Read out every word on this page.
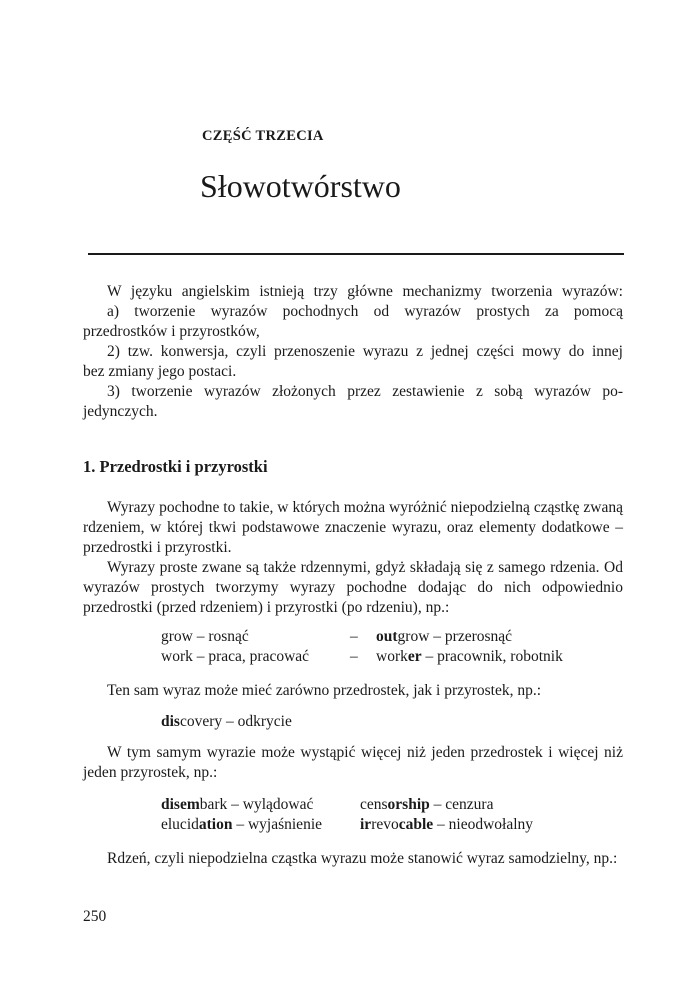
CZĘŚĆ TRZECIA
Słowotwórstwo

W języku angielskim istnieją trzy główne mechanizmy tworzenia wyrazów:

a) tworzenie wyrazów pochodnych od wyrazów prostych za pomocą

przedrostków i przyrostków,

2) tzw. konwersja, czyli przenoszenie wyrazu z jednej części mowy do innej

bez zmiany jego postaci.

3) tworzenie wyrazów złożonych przez zestawienie z sobą wyrazów po-

jedynczych.

1. Przedrostki i przyrostki

Wyrazy pochodne to takie, w których można wyróżnić niepodzielną cząstkę zwaną rdzeniem, w której tkwi podstawowe znaczenie wyrazu, oraz elementy dodatkowe – przedrostki i przyrostki.

Wyrazy proste zwane są także rdzennymi, gdyż składają się z samego rdzenia. Od wyrazów prostych tworzymy wyrazy pochodne dodając do nich odpowiednio przedrostki (przed rdzeniem) i przyrostki (po rdzeniu), np.:

grow – rosnąć	– outgrow – przerosnąć
work – praca, pracować	– worker – pracownik, robotnik

Ten sam wyraz może mieć zarówno przedrostek, jak i przyrostek, np.:

discovery – odkrycie

W tym samym wyrazie może wystąpić więcej niż jeden przedrostek i więcej niż jeden przyrostek, np.:

disembark – wylądować	censorship – cenzura
elucidation – wyjaśnienie irrevocable – nieodwołalny

Rdzeń, czyli niepodzielna cząstka wyrazu może stanowić wyraz samodzielny, np.:

250
